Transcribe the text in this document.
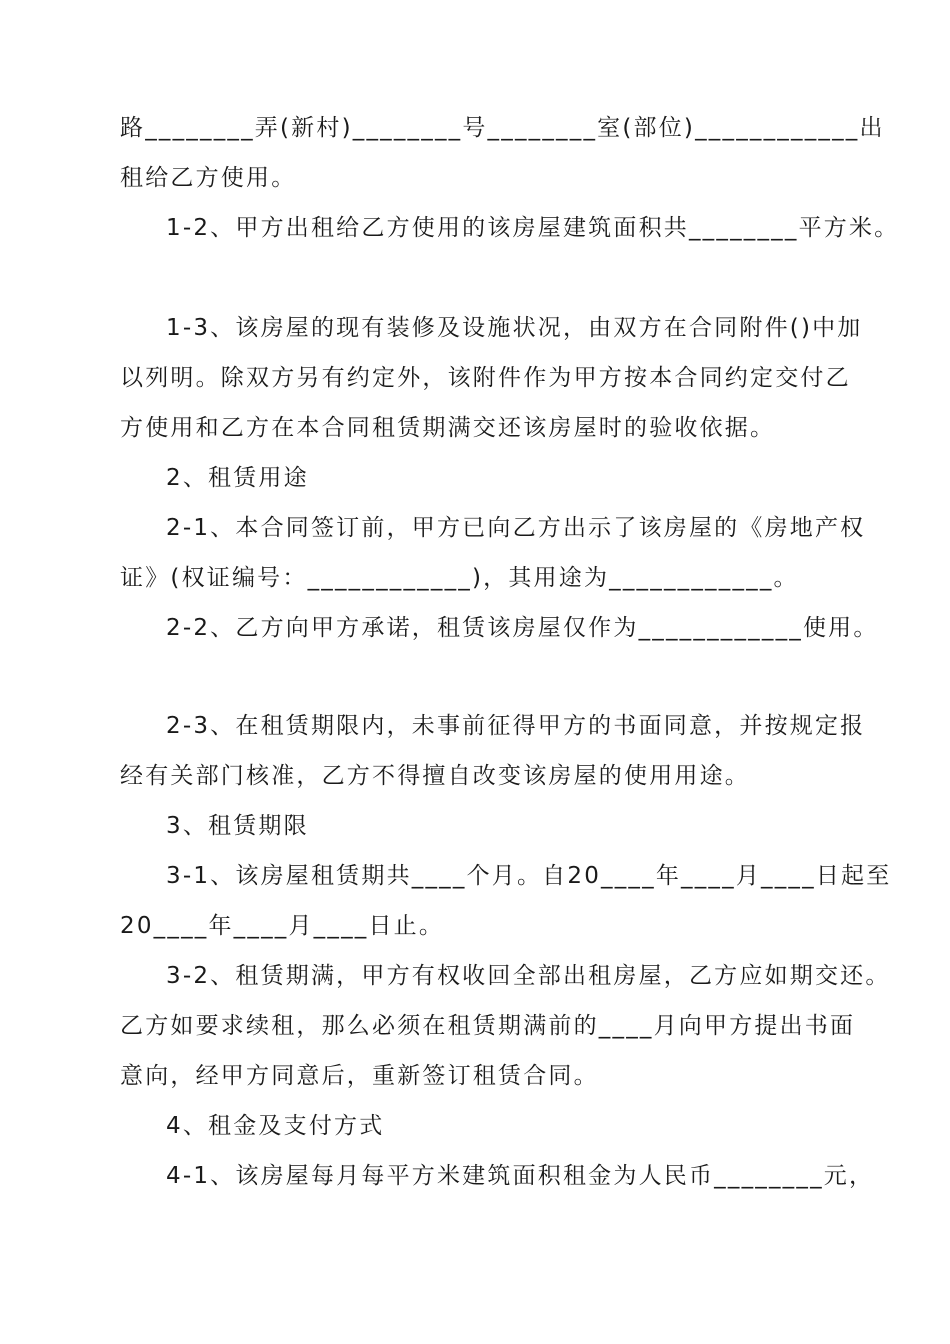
路________弄(新村)________号________室(部位)____________出
租给乙方使用。
1-2、甲方出租给乙方使用的该房屋建筑面积共________平方米。
1-3、该房屋的现有装修及设施状况，由双方在合同附件()中加
以列明。除双方另有约定外，该附件作为甲方按本合同约定交付乙
方使用和乙方在本合同租赁期满交还该房屋时的验收依据。
2、租赁用途
2-1、本合同签订前，甲方已向乙方出示了该房屋的《房地产权
证》(权证编号：____________)，其用途为____________。
2-2、乙方向甲方承诺，租赁该房屋仅作为____________使用。
2-3、在租赁期限内，未事前征得甲方的书面同意，并按规定报
经有关部门核准，乙方不得擅自改变该房屋的使用用途。
3、租赁期限
3-1、该房屋租赁期共____个月。自20____年____月____日起至
20____年____月____日止。
3-2、租赁期满，甲方有权收回全部出租房屋，乙方应如期交还。
乙方如要求续租，那么必须在租赁期满前的____月向甲方提出书面
意向，经甲方同意后，重新签订租赁合同。
4、租金及支付方式
4-1、该房屋每月每平方米建筑面积租金为人民币________元，
